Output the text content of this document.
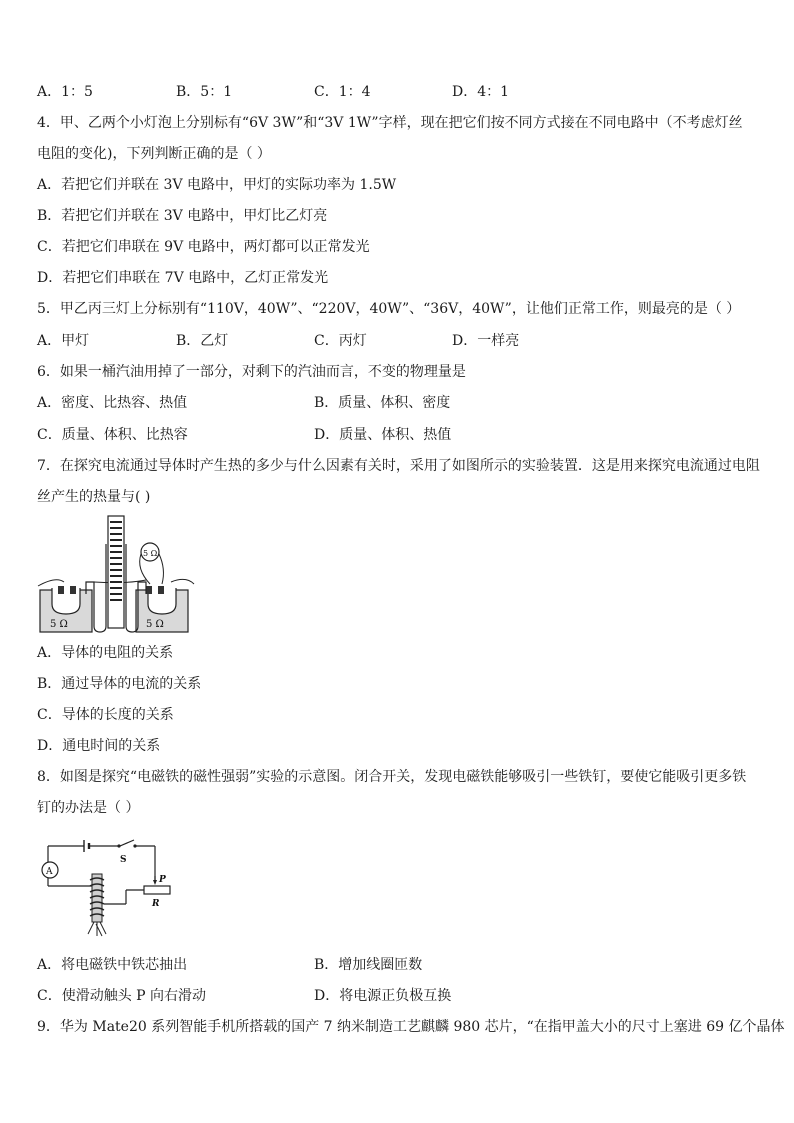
A．1：5	B．5：1	C．1：4	D．4：1
4．甲、乙两个小灯泡上分别标有“6V 3W”和“3V 1W”字样，现在把它们按不同方式接在不同电路中（不考虑灯丝
电阻的变化)，下列判断正确的是（ ）
A．若把它们并联在 3V 电路中，甲灯的实际功率为 1.5W
B．若把它们并联在 3V 电路中，甲灯比乙灯亮
C．若把它们串联在 9V 电路中，两灯都可以正常发光
D．若把它们串联在 7V 电路中，乙灯正常发光
5．甲乙丙三灯上分标别有“110V，40W”、“220V，40W”、“36V，40W”，让他们正常工作，则最亮的是（ ）
A．甲灯	B．乙灯	C．丙灯	D．一样亮
6．如果一桶汽油用掉了一部分，对剩下的汽油而言，不变的物理量是
A．密度、比热容、热值	B．质量、体积、密度
C．质量、体积、比热容	D．质量、体积、热值
7．在探究电流通过导体时产生热的多少与什么因素有关时，采用了如图所示的实验装置．这是用来探究电流通过电阻
丝产生的热量与( )
5 Ω	5 Ω
5 Ω
A．导体的电阻的关系
B．通过导体的电流的关系
C．导体的长度的关系
D．通电时间的关系
8．如图是探究“电磁铁的磁性强弱”实验的示意图。闭合开关，发现电磁铁能够吸引一些铁钉，要使它能吸引更多铁
钉的办法是（ ）
S
A
P
R
A．将电磁铁中铁芯抽出	B．增加线圈匝数
C．使滑动触头 P 向右滑动	D．将电源正负极互换
9．华为 Mate20 系列智能手机所搭载的国产 7 纳米制造工艺麒麟 980 芯片，“在指甲盖大小的尺寸上塞进 69 亿个晶体
